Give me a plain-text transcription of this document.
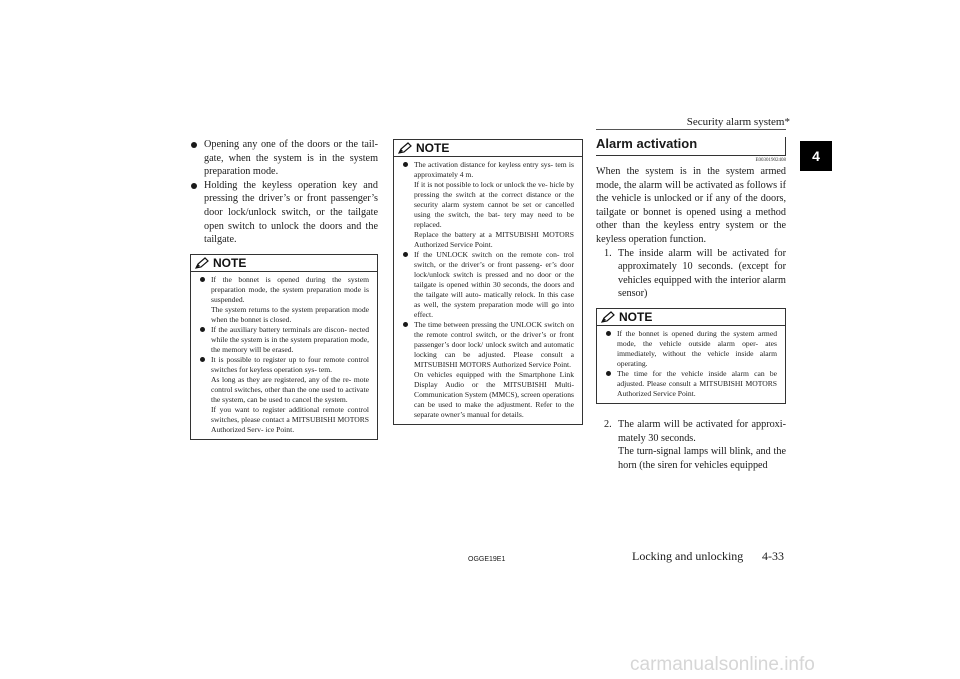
Security alarm system*
4
Opening any one of the doors or the tail- gate, when the system is in the system preparation mode.
Holding the keyless operation key and pressing the driver’s or front passenger’s door lock/unlock switch, or the tailgate open switch to unlock the doors and the tailgate.
NOTE

If the bonnet is opened during the system preparation mode, the system preparation mode is suspended.

The system returns to the system preparation mode when the bonnet is closed.

If the auxiliary battery terminals are discon- nected while the system is in the system preparation mode, the memory will be erased.

It is possible to register up to four remote control switches for keyless operation sys- tem.

As long as they are registered, any of the re- mote control switches, other than the one used to activate the system, can be used to cancel the system.

If you want to register additional remote control switches, please contact a MITSUBISHI MOTORS Authorized Serv- ice Point.

NOTE

The activation distance for keyless entry sys- tem is approximately 4 m.

If it is not possible to lock or unlock the ve- hicle by pressing the switch at the correct distance or the security alarm system cannot be set or cancelled using the switch, the bat- tery may need to be replaced.

Replace the battery at a MITSUBISHI MOTORS Authorized Service Point.

If the UNLOCK switch on the remote con- trol switch, or the driver’s or front passeng- er’s door lock/unlock switch is pressed and no door or the tailgate is opened within 30 seconds, the doors and the tailgate will auto- matically relock. In this case as well, the system preparation mode will go into effect.

The time between pressing the UNLOCK switch on the remote control switch, or the driver’s or front passenger’s door lock/ unlock switch and automatic locking can be adjusted. Please consult a MITSUBISHI MOTORS Authorized Service Point.

On vehicles equipped with the Smartphone Link Display Audio or the MITSUBISHI Multi-Communication System (MMCS), screen operations can be used to make the adjustment. Refer to the separate owner’s manual for details.

Alarm activation
E00301902408

When the system is in the system armed mode, the alarm will be activated as follows if the vehicle is unlocked or if any of the doors, tailgate or bonnet is opened using a method other than the keyless entry system or the keyless operation function.

1. The inside alarm will be activated for approximately 10 seconds. (except for vehicles equipped with the interior alarm sensor)
NOTE

If the bonnet is opened during the system armed mode, the vehicle outside alarm oper- ates immediately, without the vehicle inside alarm operating.

The time for the vehicle inside alarm can be adjusted. Please consult a MITSUBISHI MOTORS Authorized Service Point.

2. The alarm will be activated for approxi- mately 30 seconds.
The turn-signal lamps will blink, and the horn (the siren for vehicles equipped
OGGE19E1	Locking and unlocking 4-33
carmanualsonline.info
